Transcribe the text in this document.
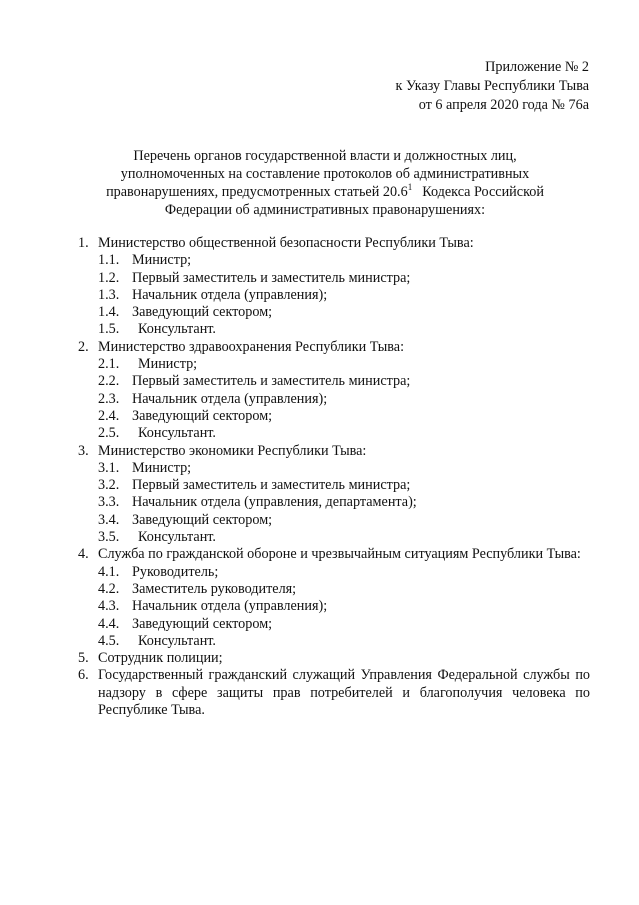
Приложение № 2
к Указу Главы Республики Тыва
от 6 апреля 2020 года № 76а
Перечень органов государственной власти и должностных лиц,
уполномоченных на составление протоколов об административных
правонарушениях, предусмотренных статьей 20.6$^1$ Кодекса Российской
Федерации об административных правонарушениях:
1. Министерство общественной безопасности Республики Тыва:
1.1. Министр;
1.2. Первый заместитель и заместитель министра;
1.3. Начальник отдела (управления);
1.4. Заведующий сектором;
1.5. Консультант.
2. Министерство здравоохранения Республики Тыва:
2.1. Министр;
2.2. Первый заместитель и заместитель министра;
2.3. Начальник отдела (управления);
2.4. Заведующий сектором;
2.5. Консультант.
3. Министерство экономики Республики Тыва:
3.1. Министр;
3.2. Первый заместитель и заместитель министра;
3.3. Начальник отдела (управления, департамента);
3.4. Заведующий сектором;
3.5. Консультант.
4. Служба по гражданской обороне и чрезвычайным ситуациям Республики Тыва:
4.1. Руководитель;
4.2. Заместитель руководителя;
4.3. Начальник отдела (управления);
4.4. Заведующий сектором;
4.5. Консультант.
5. Сотрудник полиции;
6. Государственный гражданский служащий Управления Федеральной службы по надзору в сфере защиты прав потребителей и благополучия человека по Республике Тыва.
